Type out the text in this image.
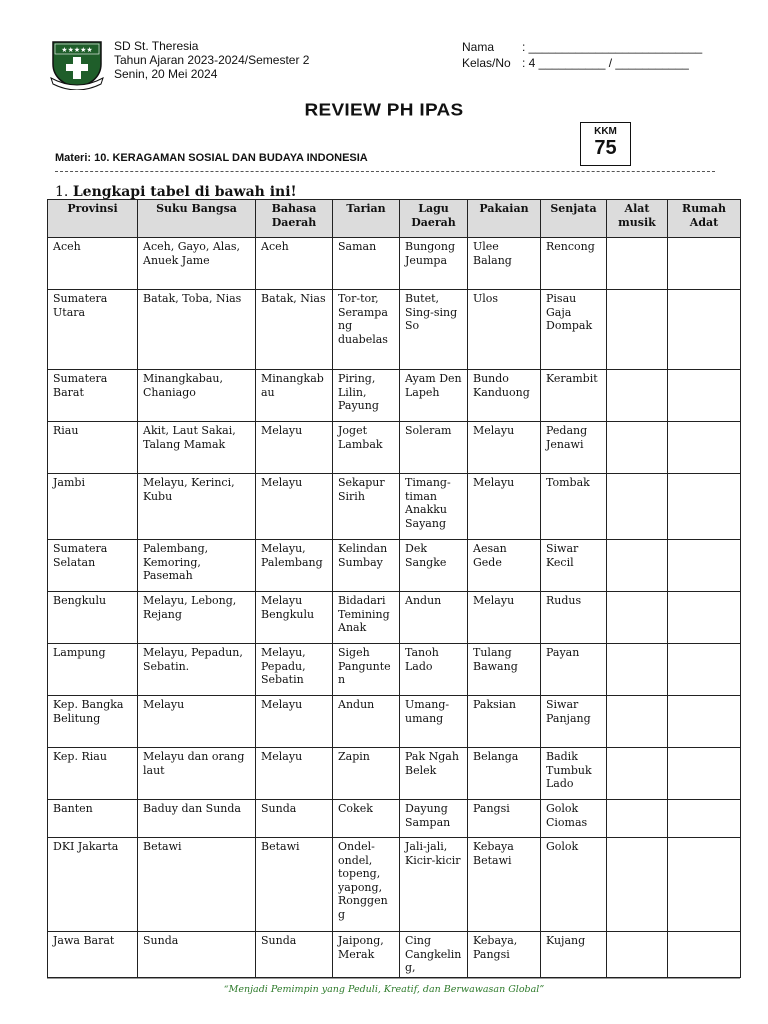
★★★★★ SD St. Theresia
Tahun Ajaran 2023-2024/Semester 2
Senin, 20 Mei 2024
Nama	: __________________________
Kelas/No : 4 __________ / ___________
REVIEW PH IPAS
KKM
75
Materi: 10. KERAGAMAN SOSIAL DAN BUDAYA INDONESIA
1. Lengkapi tabel di bawah ini!
Provinsi	Suku Bangsa	Bahasa Daerah	Tarian	Lagu Daerah	Pakaian	Senjata	Alat musik	Rumah Adat
Aceh	Aceh, Gayo, Alas, Anuek Jame	Aceh	Saman	Bungong Jeumpa	Ulee Balang	Rencong		
Sumatera Utara	Batak, Toba, Nias	Batak, Nias	Tor-tor, Serampang duabelas	Butet, Sing-sing So	Ulos	Pisau Gaja Dompak		
Sumatera Barat	Minangkabau, Chaniago	Minangkabau	Piring, Lilin, Payung	Ayam Den Lapeh	Bundo Kanduong	Kerambit		
Riau	Akit, Laut Sakai, Talang Mamak	Melayu	Joget Lambak	Soleram	Melayu	Pedang Jenawi		
Jambi	Melayu, Kerinci, Kubu	Melayu	Sekapur Sirih	Timang-timan Anakku Sayang	Melayu	Tombak		
Sumatera Selatan	Palembang, Kemoring, Pasemah	Melayu, Palembang	Kelindan Sumbay	Dek Sangke	Aesan Gede	Siwar Kecil		
Bengkulu	Melayu, Lebong, Rejang	Melayu Bengkulu	Bidadari Temining Anak	Andun	Melayu	Rudus		
Lampung	Melayu, Pepadun, Sebatin.	Melayu, Pepadu, Sebatin	Sigeh Pangunten	Tanoh Lado	Tulang Bawang	Payan		
Kep. Bangka Belitung	Melayu	Melayu	Andun	Umang-umang	Paksian	Siwar Panjang		
Kep. Riau	Melayu dan orang laut	Melayu	Zapin	Pak Ngah Belek	Belanga	Badik Tumbuk Lado		
Banten	Baduy dan Sunda	Sunda	Cokek	Dayung Sampan	Pangsi	Golok Ciomas		
DKI Jakarta	Betawi	Betawi	Ondel-ondel, topeng, yapong, Ronggeng	Jali-jali, Kicir-kicir	Kebaya Betawi	Golok		
Jawa Barat	Sunda	Sunda	Jaipong, Merak	Cing Cangkeling,	Kebaya, Pangsi	Kujang		
“Menjadi Pemimpin yang Peduli, Kreatif, dan Berwawasan Global”
